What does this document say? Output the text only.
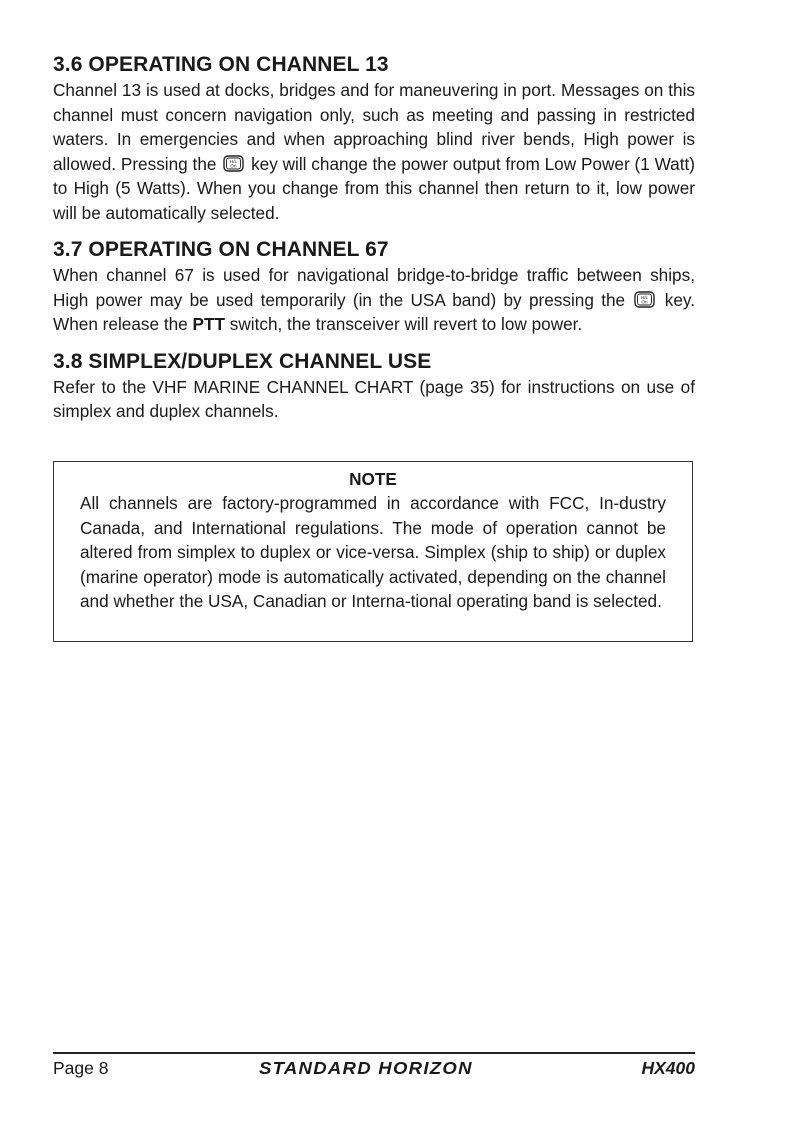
3.6 OPERATING ON CHANNEL 13

Channel 13 is used at docks, bridges and for maneuvering in port. Messages on this channel must concern navigation only, such as meeting and passing in restricted waters. In emergencies and when approaching blind river bends, High power is allowed. Pressing the	H/L
On key will change the power output from Low Power (1 Watt) to High (5 Watts). When you change from this channel then return to it, low power will be automatically selected.

3.7 OPERATING ON CHANNEL 67

When channel 67 is used for navigational bridge-to-bridge traffic between ships, High power may be used temporarily (in the USA band) by pressing the	H/L
On key. When release the PTT switch, the transceiver will revert to low power.

3.8 SIMPLEX/DUPLEX CHANNEL USE

Refer to the VHF MARINE CHANNEL CHART (page 35) for instructions on use of simplex and duplex channels.

NOTE

All channels are factory-programmed in accordance with FCC, In-dustry Canada, and International regulations. The mode of operation cannot be altered from simplex to duplex or vice-versa. Simplex (ship to ship) or duplex (marine operator) mode is automatically activated, depending on the channel and whether the USA, Canadian or Interna-tional operating band is selected.

Page 8	STANDARD HORIZON	HX400
